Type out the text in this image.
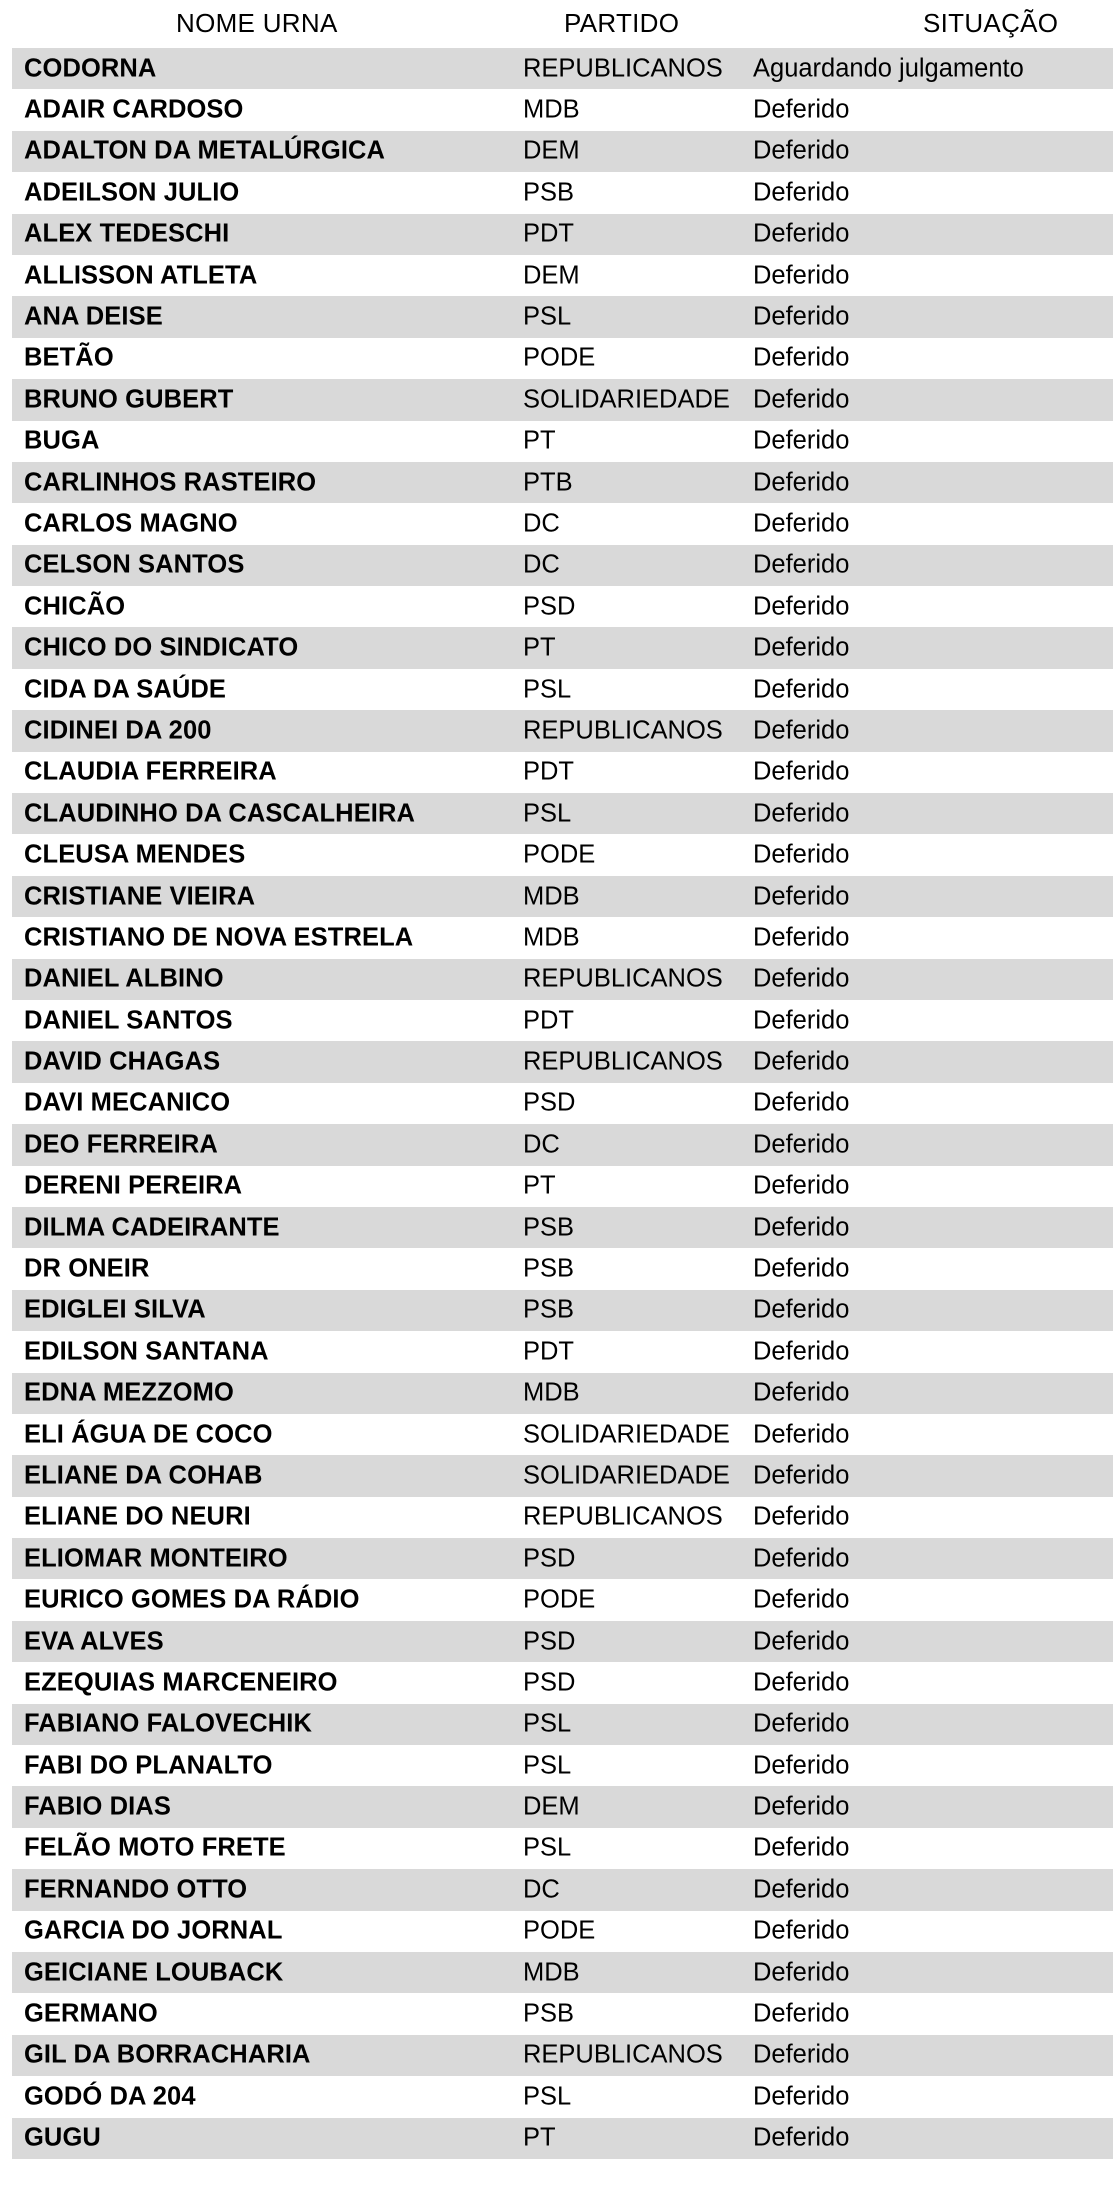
NOME URNA	PARTIDO	SITUAÇÃO
CODORNA	REPUBLICANOS Aguardando julgamento
ADAIR CARDOSO	MDB	Deferido
ADALTON DA METALÚRGICA	DEM	Deferido
ADEILSON JULIO	PSB	Deferido
ALEX TEDESCHI	PDT	Deferido
ALLISSON ATLETA	DEM	Deferido
ANA DEISE	PSL	Deferido
BETÃO	PODE	Deferido
BRUNO GUBERT	SOLIDARIEDADE Deferido
BUGA	PT	Deferido
CARLINHOS RASTEIRO	PTB	Deferido
CARLOS MAGNO	DC	Deferido
CELSON SANTOS	DC	Deferido
CHICÃO	PSD	Deferido
CHICO DO SINDICATO	PT	Deferido
CIDA DA SAÚDE	PSL	Deferido
CIDINEI DA 200	REPUBLICANOS Deferido
CLAUDIA FERREIRA	PDT	Deferido
CLAUDINHO DA CASCALHEIRA	PSL	Deferido
CLEUSA MENDES	PODE	Deferido
CRISTIANE VIEIRA	MDB	Deferido
CRISTIANO DE NOVA ESTRELA	MDB	Deferido
DANIEL ALBINO	REPUBLICANOS Deferido
DANIEL SANTOS	PDT	Deferido
DAVID CHAGAS	REPUBLICANOS Deferido
DAVI MECANICO	PSD	Deferido
DEO FERREIRA	DC	Deferido
DERENI PEREIRA	PT	Deferido
DILMA CADEIRANTE	PSB	Deferido
DR ONEIR	PSB	Deferido
EDIGLEI SILVA	PSB	Deferido
EDILSON SANTANA	PDT	Deferido
EDNA MEZZOMO	MDB	Deferido
ELI ÁGUA DE COCO	SOLIDARIEDADE Deferido
ELIANE DA COHAB	SOLIDARIEDADE Deferido
ELIANE DO NEURI	REPUBLICANOS Deferido
ELIOMAR MONTEIRO	PSD	Deferido
EURICO GOMES DA RÁDIO	PODE	Deferido
EVA ALVES	PSD	Deferido
EZEQUIAS MARCENEIRO	PSD	Deferido
FABIANO FALOVECHIK	PSL	Deferido
FABI DO PLANALTO	PSL	Deferido
FABIO DIAS	DEM	Deferido
FELÃO MOTO FRETE	PSL	Deferido
FERNANDO OTTO	DC	Deferido
GARCIA DO JORNAL	PODE	Deferido
GEICIANE LOUBACK	MDB	Deferido
GERMANO	PSB	Deferido
GIL DA BORRACHARIA	REPUBLICANOS Deferido
GODÓ DA 204	PSL	Deferido
GUGU	PT	Deferido
